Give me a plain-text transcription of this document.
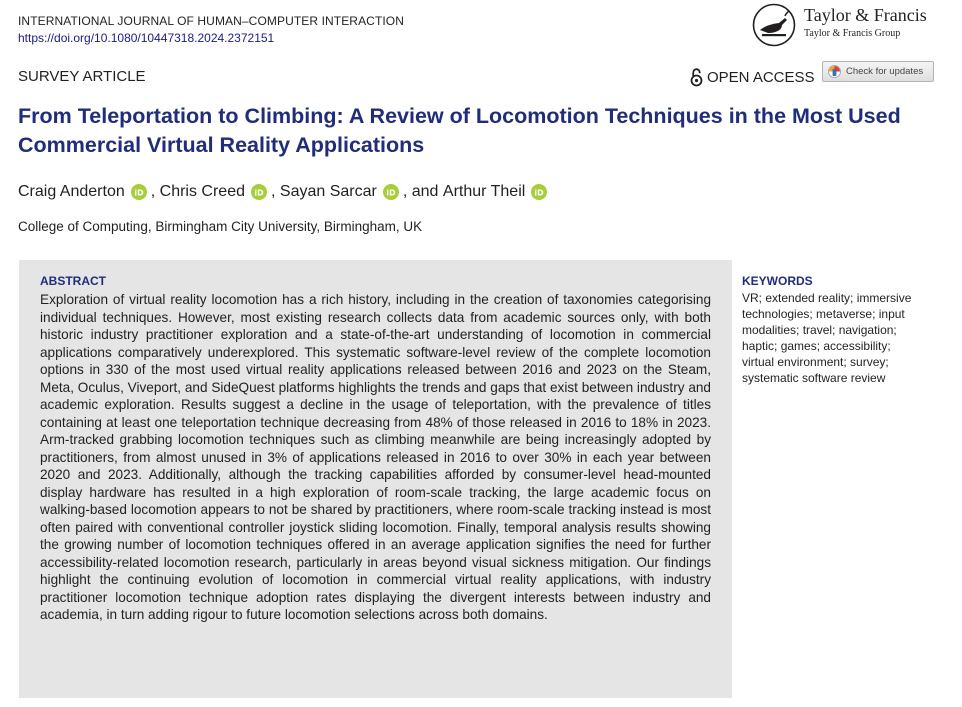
INTERNATIONAL JOURNAL OF HUMAN–COMPUTER INTERACTION
https://doi.org/10.1080/10447318.2024.2372151
Taylor & Francis
Taylor & Francis Group
SURVEY ARTICLE	OPEN ACCESS	Check for updates
From Teleportation to Climbing: A Review of Locomotion Techniques in the Most Used Commercial Virtual Reality Applications
Craig Anderton iD ,
Chris Creed iD ,
Sayan Sarcar iD , and
Arthur Theil iD
College of Computing, Birmingham City University, Birmingham, UK
ABSTRACT

Exploration of virtual reality locomotion has a rich history, including in the creation of taxonomies categorising individual techniques. However, most existing research collects data from academic sources only, with both historic industry practitioner exploration and a state-of-the-art understanding of locomotion in commercial applications comparatively underexplored. This systematic software-level review of the complete locomotion options in 330 of the most used virtual reality applications released between 2016 and 2023 on the Steam, Meta, Oculus, Viveport, and SideQuest platforms highlights the trends and gaps that exist between industry and academic exploration. Results suggest a decline in the usage of teleportation, with the prevalence of titles containing at least one teleportation technique decreasing from 48% of those released in 2016 to 18% in 2023. Arm-tracked grabbing locomotion techniques such as climbing meanwhile are being increasingly adopted by practitioners, from almost unused in 3% of applications released in 2016 to over 30% in each year between 2020 and 2023. Additionally, although the tracking capabilities afforded by consumer-level head-mounted display hardware has resulted in a high exploration of room-scale tracking, the large academic focus on walking-based locomotion appears to not be shared by practitioners, where room-scale tracking instead is most often paired with conventional controller joystick sliding locomotion. Finally, temporal analysis results showing the growing number of locomotion techniques offered in an average application signifies the need for further accessibility-related locomotion research, particularly in areas beyond visual sickness mitigation. Our findings highlight the continuing evolution of locomotion in commercial virtual reality applications, with industry practitioner locomotion technique adoption rates displaying the divergent interests between industry and academia, in turn adding rigour to future locomotion selections across both domains.

KEYWORDS
VR; extended reality; immersive technologies; metaverse; input modalities; travel; navigation; haptic; games; accessibility; virtual environment; survey; systematic software review
